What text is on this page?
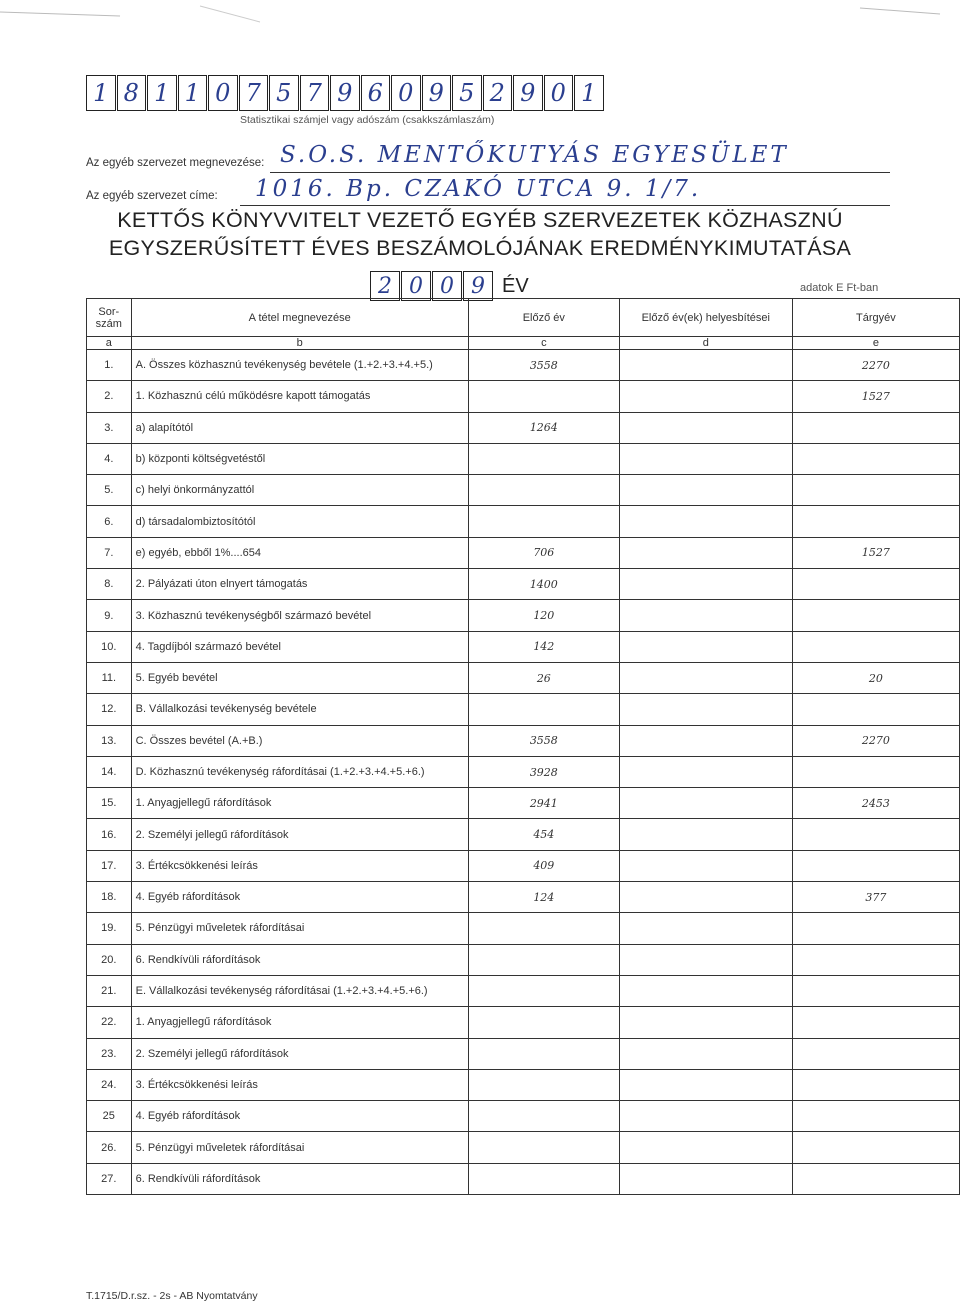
1 8 1 1 0 7 5 7 9 6 0 9 5 2 9 0 1
Statisztikai számjel vagy adószám (csakkszámlaszám)
Az egyéb szervezet megnevezése: S.O.S. MENTŐKUTYÁS EGYESÜLET
Az egyéb szervezet címe: 1016. Bp. CZAKÓ UTCA 9. 1/7.
KETTŐS KÖNYVVITELT VEZETŐ EGYÉB SZERVEZETEK KÖZHASZNÚ
EGYSZERŰSÍTETT ÉVES BESZÁMOLÓJÁNAK EREDMÉNYKIMUTATÁSA
2 0 0 9 ÉV	adatok E Ft-ban
Sor-szám	A tétel megnevezése	Előző év	Előző év(ek) helyesbítései	Tárgyév
a	b	c	d	e
1.	A. Összes közhasznú tevékenység bevétele (1.+2.+3.+4.+5.)	3558		2270
2.	1. Közhasznú célú működésre kapott támogatás			1527
3.	a) alapítótól	1264		
4.	b) központi költségvetéstől			
5.	c) helyi önkormányzattól			
6.	d) társadalombiztosítótól			
7.	e) egyéb, ebből 1%....654	706		1527
8.	2. Pályázati úton elnyert támogatás	1400		
9.	3. Közhasznú tevékenységből származó bevétel	120		
10.	4. Tagdíjból származó bevétel	142		
11.	5. Egyéb bevétel	26		20
12.	B. Vállalkozási tevékenység bevétele			
13.	C. Összes bevétel (A.+B.)	3558		2270
14.	D. Közhasznú tevékenység ráfordításai (1.+2.+3.+4.+5.+6.)	3928		
15.	1. Anyagjellegű ráfordítások	2941		2453
16.	2. Személyi jellegű ráfordítások	454		
17.	3. Értékcsökkenési leírás	409		
18.	4. Egyéb ráfordítások	124		377
19.	5. Pénzügyi műveletek ráfordításai			
20.	6. Rendkívüli ráfordítások			
21.	E. Vállalkozási tevékenység ráfordításai (1.+2.+3.+4.+5.+6.)			
22.	1. Anyagjellegű ráfordítások			
23.	2. Személyi jellegű ráfordítások			
24.	3. Értékcsökkenési leírás			
25	4. Egyéb ráfordítások			
26.	5. Pénzügyi műveletek ráfordításai			
27.	6. Rendkívüli ráfordítások			
T.1715/D.r.sz. - 2s - AB Nyomtatvány
